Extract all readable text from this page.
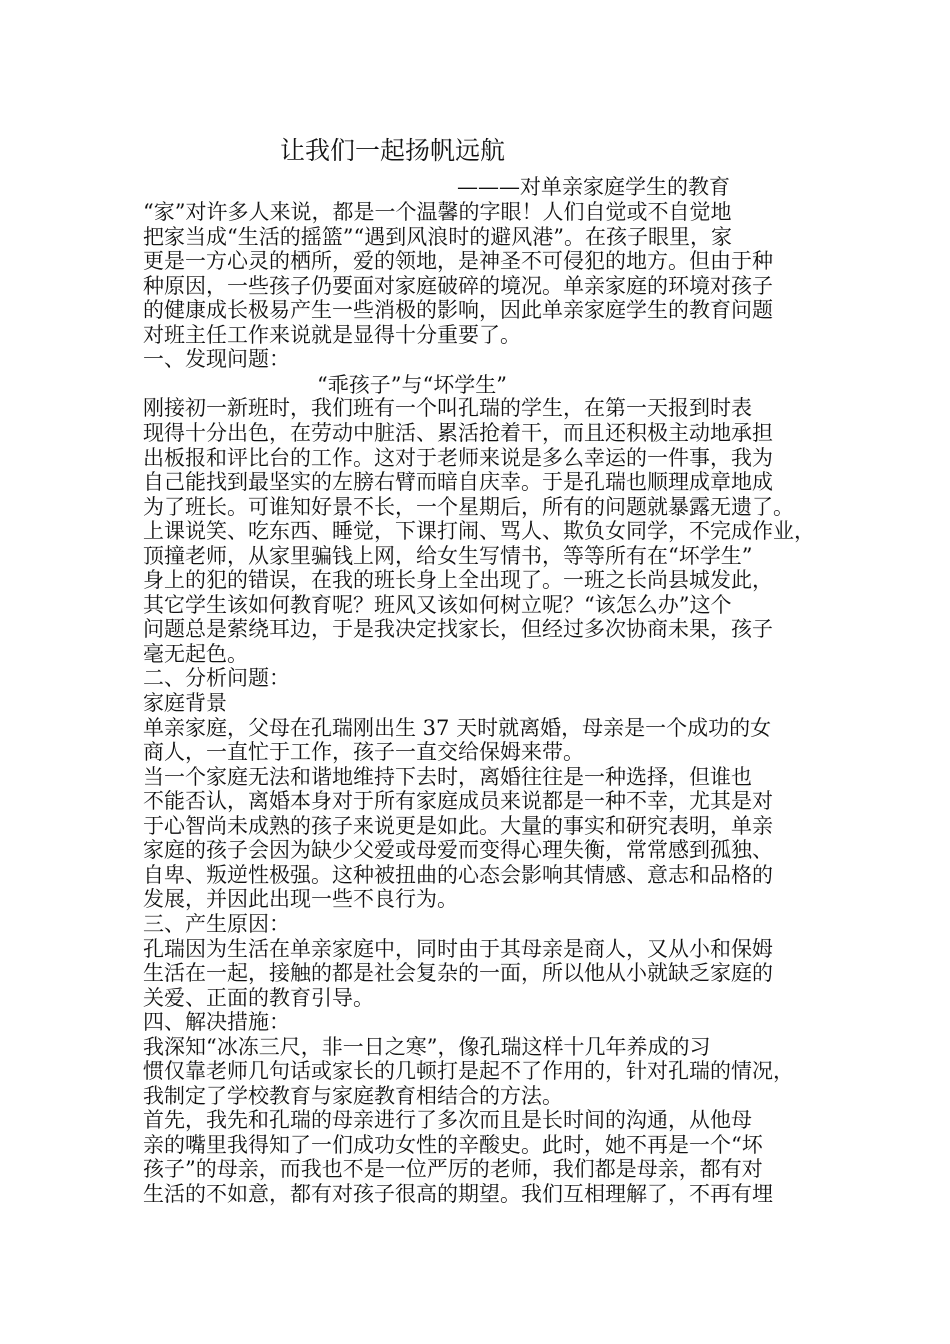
让我们一起扬帆远航
———对单亲家庭学生的教育
“乖孩子”与“坏学生”
“家”对许多人来说，都是一个温馨的字眼！人们自觉或不自觉地
把家当成“生活的摇篮”“遇到风浪时的避风港”。在孩子眼里，家
更是一方心灵的栖所，爱的领地，是神圣不可侵犯的地方。但由于种
种原因，一些孩子仍要面对家庭破碎的境况。单亲家庭的环境对孩子
的健康成长极易产生一些消极的影响，因此单亲家庭学生的教育问题
对班主任工作来说就是显得十分重要了。
一、发现问题：
刚接初一新班时，我们班有一个叫孔瑞的学生，在第一天报到时表
现得十分出色，在劳动中脏活、累活抢着干，而且还积极主动地承担
出板报和评比台的工作。这对于老师来说是多么幸运的一件事，我为
自己能找到最坚实的左膀右臂而暗自庆幸。于是孔瑞也顺理成章地成
为了班长。可谁知好景不长，一个星期后，所有的问题就暴露无遗了。
上课说笑、吃东西、睡觉，下课打闹、骂人、欺负女同学，不完成作业，
顶撞老师，从家里骗钱上网，给女生写情书，等等所有在“坏学生”
身上的犯的错误，在我的班长身上全出现了。一班之长尚县城发此，
其它学生该如何教育呢？班风又该如何树立呢？“该怎么办”这个
问题总是萦绕耳边，于是我决定找家长，但经过多次协商未果，孩子
毫无起色。
二、分析问题：
家庭背景
单亲家庭，父母在孔瑞刚出生 37 天时就离婚，母亲是一个成功的女
商人，一直忙于工作，孩子一直交给保姆来带。
当一个家庭无法和谐地维持下去时，离婚往往是一种选择，但谁也
不能否认，离婚本身对于所有家庭成员来说都是一种不幸，尤其是对
于心智尚未成熟的孩子来说更是如此。大量的事实和研究表明，单亲
家庭的孩子会因为缺少父爱或母爱而变得心理失衡，常常感到孤独、
自卑、叛逆性极强。这种被扭曲的心态会影响其情感、意志和品格的
发展，并因此出现一些不良行为。
三、产生原因：
孔瑞因为生活在单亲家庭中，同时由于其母亲是商人，又从小和保姆
生活在一起，接触的都是社会复杂的一面，所以他从小就缺乏家庭的
关爱、正面的教育引导。
四、解决措施：
我深知“冰冻三尺，非一日之寒”，像孔瑞这样十几年养成的习
惯仅靠老师几句话或家长的几顿打是起不了作用的，针对孔瑞的情况，
我制定了学校教育与家庭教育相结合的方法。
首先，我先和孔瑞的母亲进行了多次而且是长时间的沟通，从他母
亲的嘴里我得知了一们成功女性的辛酸史。此时，她不再是一个“坏
孩子”的母亲，而我也不是一位严厉的老师，我们都是母亲，都有对
生活的不如意，都有对孩子很高的期望。我们互相理解了，不再有埋
